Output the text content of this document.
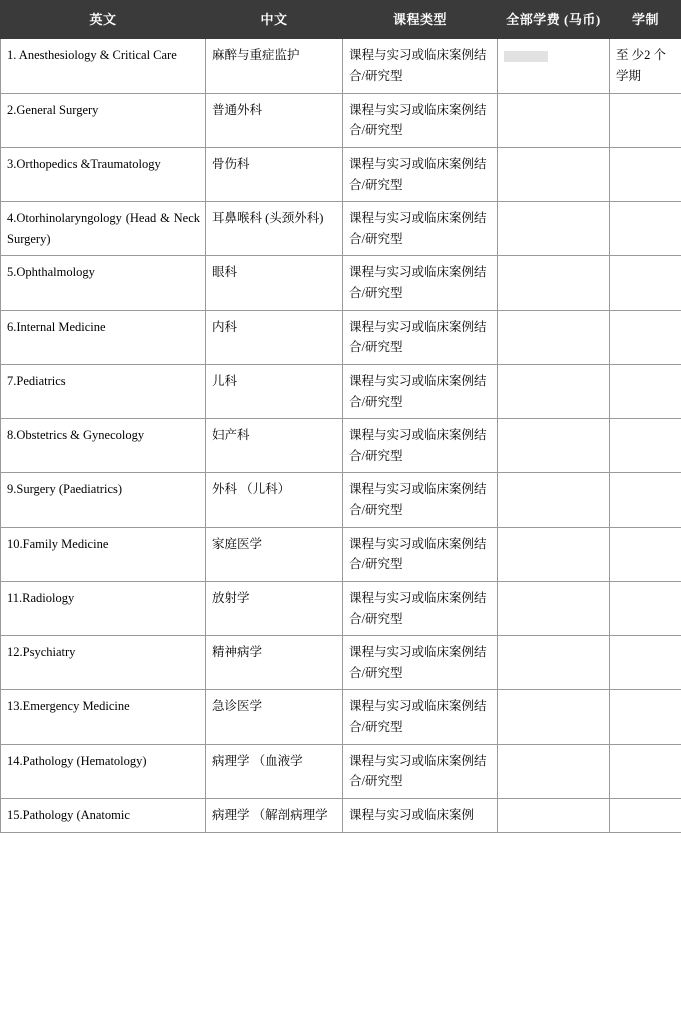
英文	中文	课程类型	全部学费 (马币)	学制
1. Anesthesiology & Critical Care	麻醉与重症监护	课程与实习或临床案例结合/研究型		至 少2 个学期
2.General Surgery	普通外科	课程与实习或临床案例结合/研究型		
3.Orthopedics &Traumatology	骨伤科	课程与实习或临床案例结合/研究型		
4.Otorhinolaryngology (Head & Neck Surgery)	耳鼻喉科 (头颈外科)	课程与实习或临床案例结合/研究型		
5.Ophthalmology	眼科	课程与实习或临床案例结合/研究型		
6.Internal Medicine	内科	课程与实习或临床案例结合/研究型		
7.Pediatrics	儿科	课程与实习或临床案例结合/研究型		
8.Obstetrics & Gynecology	妇产科	课程与实习或临床案例结合/研究型		
9.Surgery (Paediatrics)	外科 （儿科）	课程与实习或临床案例结合/研究型		
10.Family Medicine	家庭医学	课程与实习或临床案例结合/研究型		
11.Radiology	放射学	课程与实习或临床案例结合/研究型		
12.Psychiatry	精神病学	课程与实习或临床案例结合/研究型		
13.Emergency Medicine	急诊医学	课程与实习或临床案例结合/研究型		
14.Pathology (Hematology)	病理学 （血液学	课程与实习或临床案例结合/研究型		
15.Pathology (Anatomic	病理学 （解剖病理学	课程与实习或临床案例		
